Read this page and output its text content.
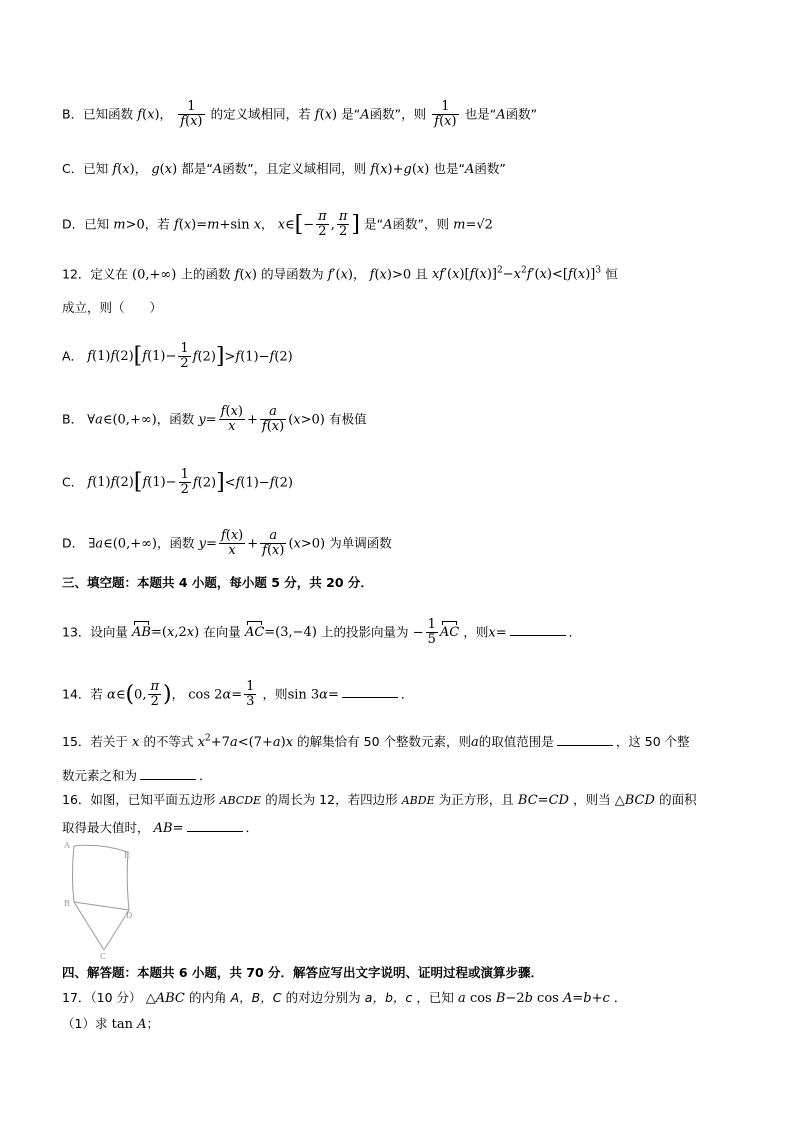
B．已知函数 f(x)， $\frac{1}{f(x)}$ 的定义域相同，若 f(x) 是“A函数”，则 $\frac{1}{f(x)}$ 也是“A函数”
C．已知 f(x)， g(x) 都是“A函数”，且定义域相同，则 f(x)+g(x) 也是“A函数”
D．已知 m>0，若 f(x)=m+sin x， x∈[− $\frac{\pi}{2}$ , $\frac{\pi}{2}$ ] 是“A函数”，则 m=√2
12．定义在 (0,+∞) 上的函数 f(x) 的导函数为 f′(x)， f(x)>0 且 $xf'(x)[f(x)]^2-x^2f'(x)<[f(x)]^3$ 恒
成立，则（　　）
A． $f(1)f(2)[f(1)- \frac{1}{2} f(2)]>f(1)-f(2)$
B． ∀a∈(0,+∞)，函数 $y= \frac{f(x)}{x} + \frac{a}{f(x)} (x>0)$ 有极值
C． $f(1)f(2)[f(1)- \frac{1}{2} f(2)]<f(1)-f(2)$
D． ∃a∈(0,+∞)，函数 $y= \frac{f(x)}{x} + \frac{a}{f(x)} (x>0)$ 为单调函数
三、填空题：本题共 4 小题，每小题 5 分，共 20 分．
13．设向量 AB=(x,2x) 在向量 AC=(3,−4) 上的投影向量为 − $\frac{1}{5}$ AC ，则x=	．
14．若 α∈(0, $\frac{\pi}{2}$ )， $\cos 2\alpha= \frac{1}{3}$ ，则sin 3α=	．
15．若关于 x 的不等式 $x^2+7a<(7+a)x$ 的解集恰有 50 个整数元素，则a的取值范围是	，这 50 个整
数元素之和为	．
16．如图，已知平面五边形 ABCDE 的周长为 12，若四边形 ABDE 为正方形，且 BC=CD ，则当 △BCD 的面积
取得最大值时， AB=	．
A
E
B
D
C
四、解答题：本题共 6 小题，共 70 分．解答应写出文字说明、证明过程或演算步骤．
17．（10 分） △ABC 的内角 A，B，C 的对边分别为 a，b，c ，已知 a cos B−2b cos A=b+c ．
（1）求 tan A；
